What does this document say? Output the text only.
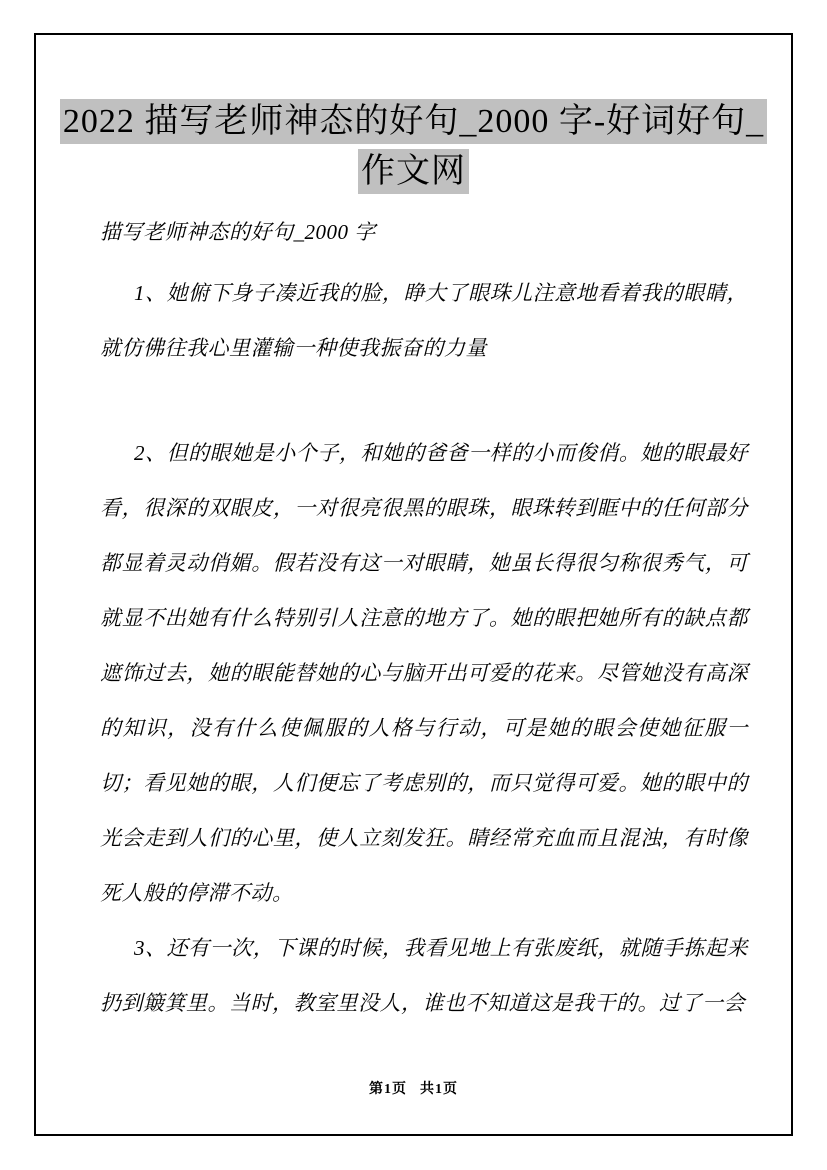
2022 描写老师神态的好句_2000 字-好词好句_
作文网

描写老师神态的好句_2000 字

1、她俯下身子凑近我的脸，睁大了眼珠儿注意地看着我的眼睛，就仿佛往我心里灌输一种使我振奋的力量

2、但的眼她是小个子，和她的爸爸一样的小而俊俏。她的眼最好看，很深的双眼皮，一对很亮很黑的眼珠，眼珠转到眶中的任何部分都显着灵动俏媚。假若没有这一对眼睛，她虽长得很匀称很秀气，可就显不出她有什么特别引人注意的地方了。她的眼把她所有的缺点都遮饰过去，她的眼能替她的心与脑开出可爱的花来。尽管她没有高深的知识，没有什么使佩服的人格与行动，可是她的眼会使她征服一切；看见她的眼，人们便忘了考虑别的，而只觉得可爱。她的眼中的光会走到人们的心里，使人立刻发狂。睛经常充血而且混浊，有时像死人般的停滞不动。

3、还有一次，下课的时候，我看见地上有张废纸，就随手拣起来扔到簸箕里。当时，教室里没人，谁也不知道这是我干的。过了一会

第1页 共1页
